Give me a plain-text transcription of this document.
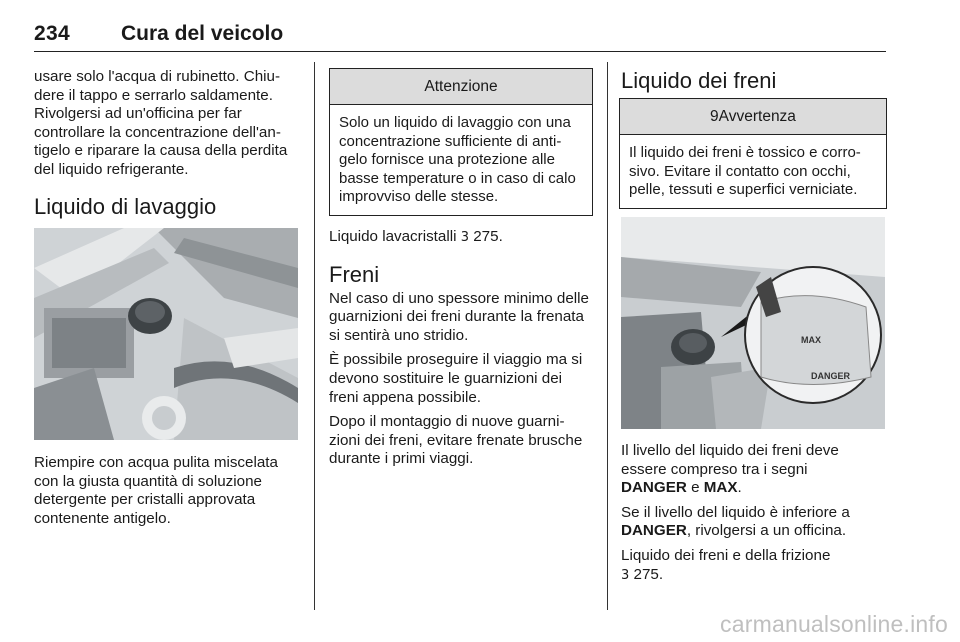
234 Cura del veicolo

usare solo l'acqua di rubinetto. Chiu-dere il tappo e serrarlo saldamente. Rivolgersi ad un'officina per far controllare la concentrazione dell'an-tigelo e riparare la causa della perdita del liquido refrigerante.

Liquido di lavaggio

Riempire con acqua pulita miscelata con la giusta quantità di soluzione detergente per cristalli approvata contenente antigelo.

Attenzione
Solo un liquido di lavaggio con una concentrazione sufficiente di anti-gelo fornisce una protezione alle basse temperature o in caso di calo improvviso delle stesse.

Liquido lavacristalli 3 275.

Freni

Nel caso di uno spessore minimo delle guarnizioni dei freni durante la frenata si sentirà uno stridio.

È possibile proseguire il viaggio ma si devono sostituire le guarnizioni dei freni appena possibile.

Dopo il montaggio di nuove guarni-zioni dei freni, evitare frenate brusche durante i primi viaggi.

Liquido dei freni
9Avvertenza
Il liquido dei freni è tossico e corro-sivo. Evitare il contatto con occhi, pelle, tessuti e superfici verniciate.
MAX
DANGER

Il livello del liquido dei freni deve essere compreso tra i segni
DANGER e MAX.

Se il livello del liquido è inferiore a
DANGER, rivolgersi a un officina.

Liquido dei freni e della frizione
3 275.

carmanualsonline.info
